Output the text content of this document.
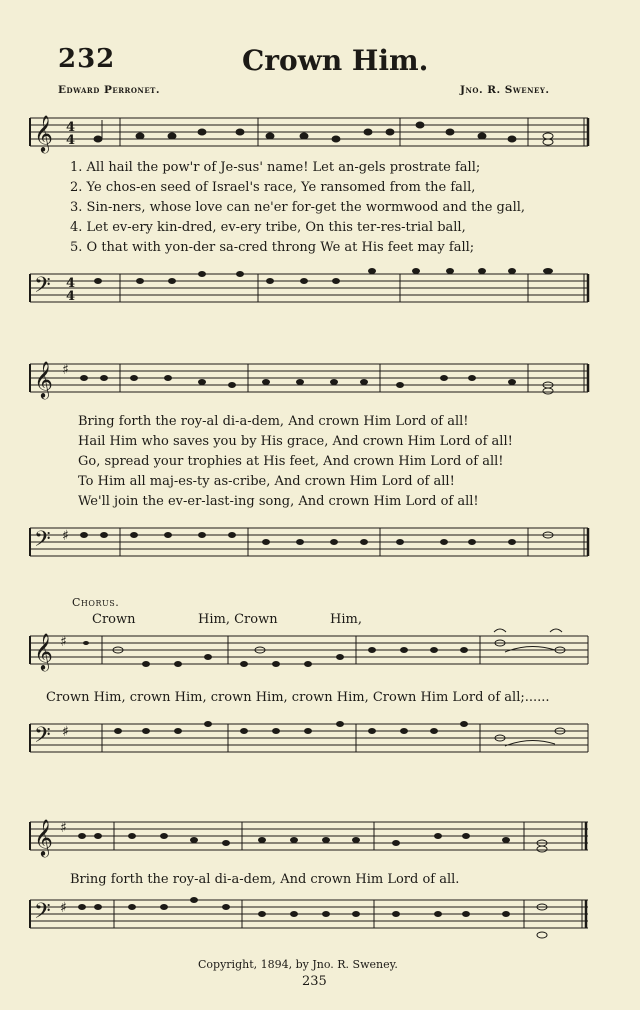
232	Crown Him.
Edward Perronet.	Jno. R. Sweney.
𝄞 4
4
1. All hail the pow'r of Je-sus' name! Let an-gels prostrate fall;
2. Ye chos-en seed of Israel's race, Ye ransomed from the fall,
3. Sin-ners, whose love can ne'er for-get the wormwood and the gall,
4. Let ev-ery kin-dred, ev-ery tribe, On this ter-res-trial ball,
5. O that with yon-der sa-cred throng We at His feet may fall;
𝄢 4
4
𝄞 ♯
Bring forth the roy-al di-a-dem, And crown Him Lord of all!
Hail Him who saves you by His grace, And crown Him Lord of all!
Go, spread your trophies at His feet, And crown Him Lord of all!
To Him all maj-es-ty as-cribe, And crown Him Lord of all!
We'll join the ev-er-last-ing song, And crown Him Lord of all!
𝄢 ♯
Chorus.
Crown	Him, Crown	Him,
𝄞 ♯
Crown Him, crown Him, crown Him, crown Him, Crown Him Lord of all;......
𝄢 ♯
𝄞 ♯
Bring forth the roy-al di-a-dem, And crown Him Lord of all.
𝄢 ♯
Copyright, 1894, by Jno. R. Sweney.
235
